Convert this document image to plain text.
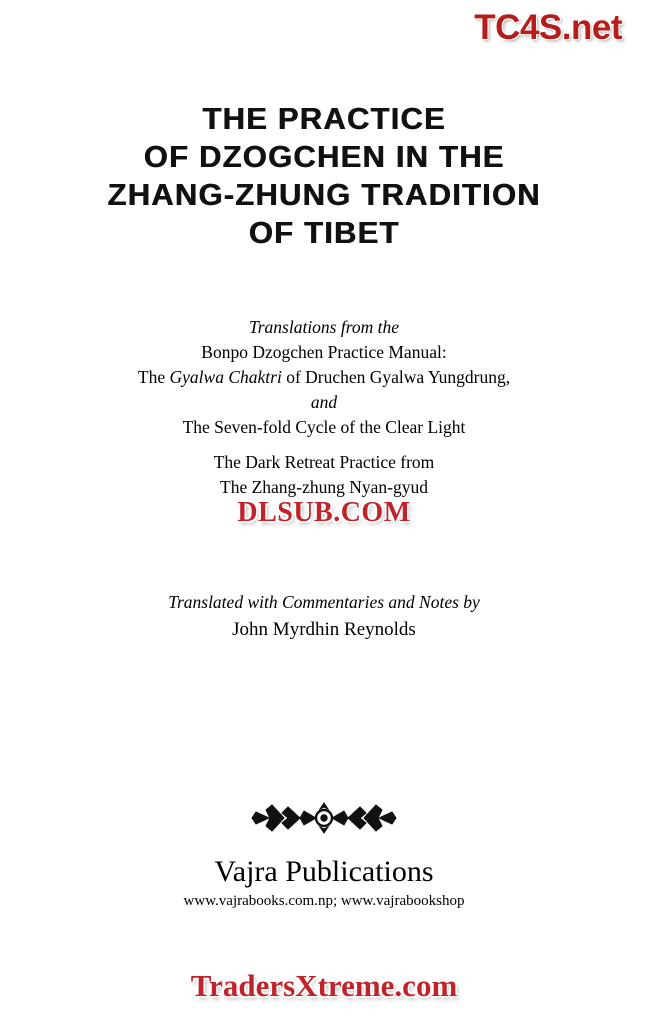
TC4S.net
THE PRACTICE
OF DZOGCHEN IN THE
ZHANG-ZHUNG TRADITION
OF TIBET
Translations from the
Bonpo Dzogchen Practice Manual:
The Gyalwa Chaktri of Druchen Gyalwa Yungdrung,
and
The Seven-fold Cycle of the Clear Light
The Dark Retreat Practice from
The Zhang-zhung Nyan-gyud
DLSUB.COM
Translated with Commentaries and Notes by
John Myrdhin Reynolds
Vajra Publications
www.vajrabooks.com.np; www.vajrabookshop
TradersXtreme.com
